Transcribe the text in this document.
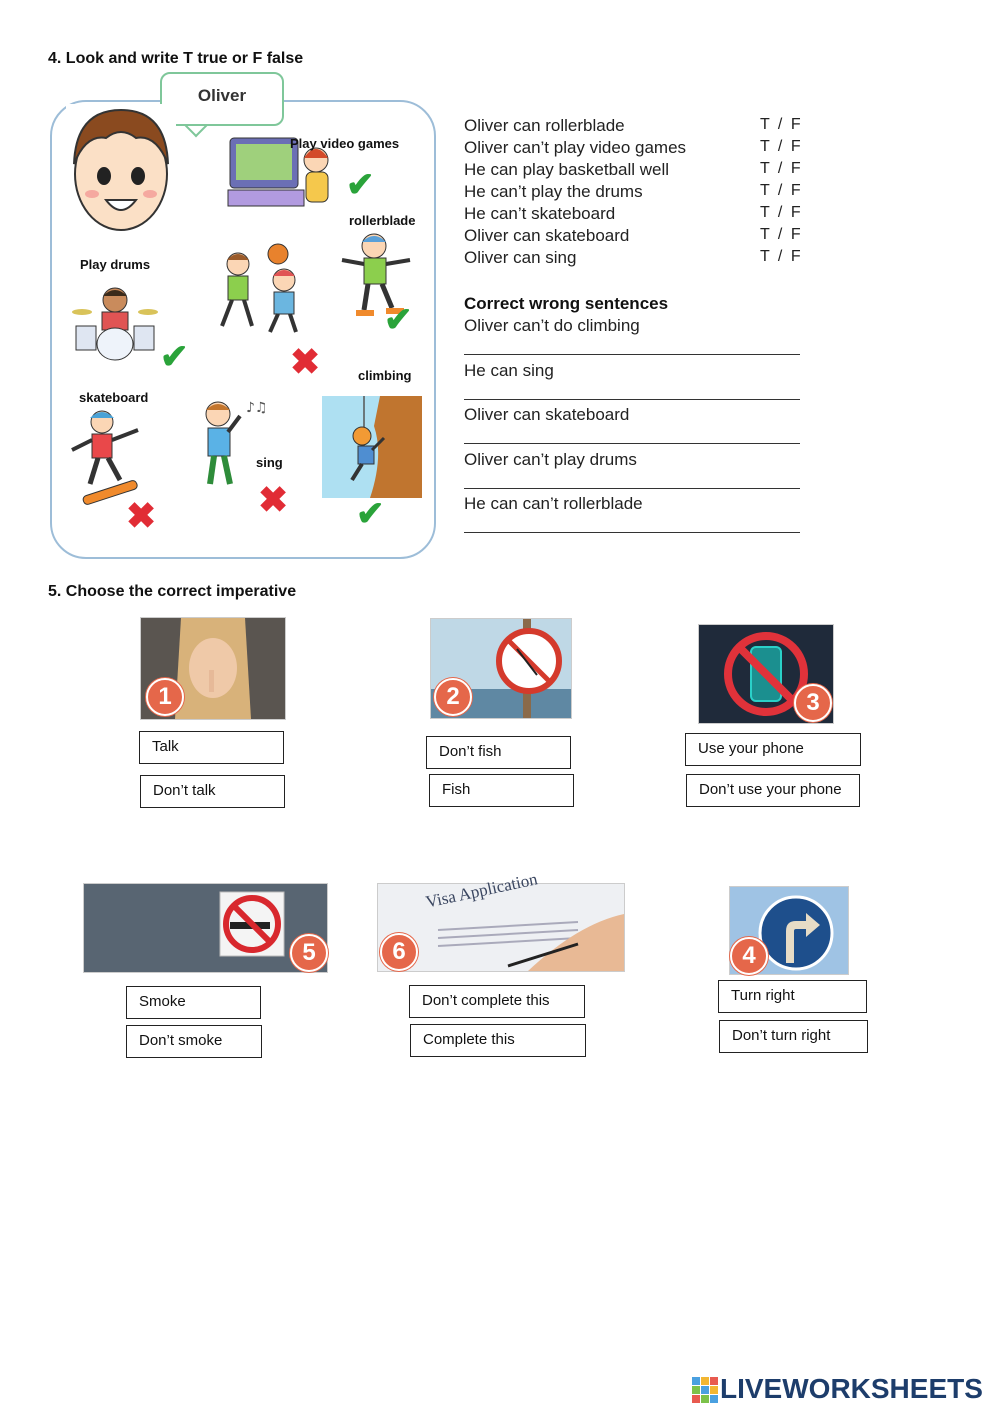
4. Look and write T true or F false
Oliver
Play video games
✔
rollerblade
✔
Play drums
✔	✖	climbing
✔
skateboard
✖
♪♫
sing
✖
Oliver can rollerblade	T / F
Oliver can’t play video games	T / F
He can play basketball well	T / F
He can’t play the drums	T / F
He can’t skateboard	T / F
Oliver can skateboard	T / F
Oliver can sing	T / F
Correct wrong sentences
Oliver can’t do climbing
He can sing
Oliver can skateboard
Oliver can’t play drums
He can can’t rollerblade
5. Choose the correct imperative
1
Talk
Don’t talk
2
Don’t fish
Fish
3
Use your phone
Don’t use your phone
5
Smoke
Don’t smoke
Visa Application
6
Don’t complete this
Complete this
4
Turn right
Don’t turn right
LIVEWORKSHEETS
